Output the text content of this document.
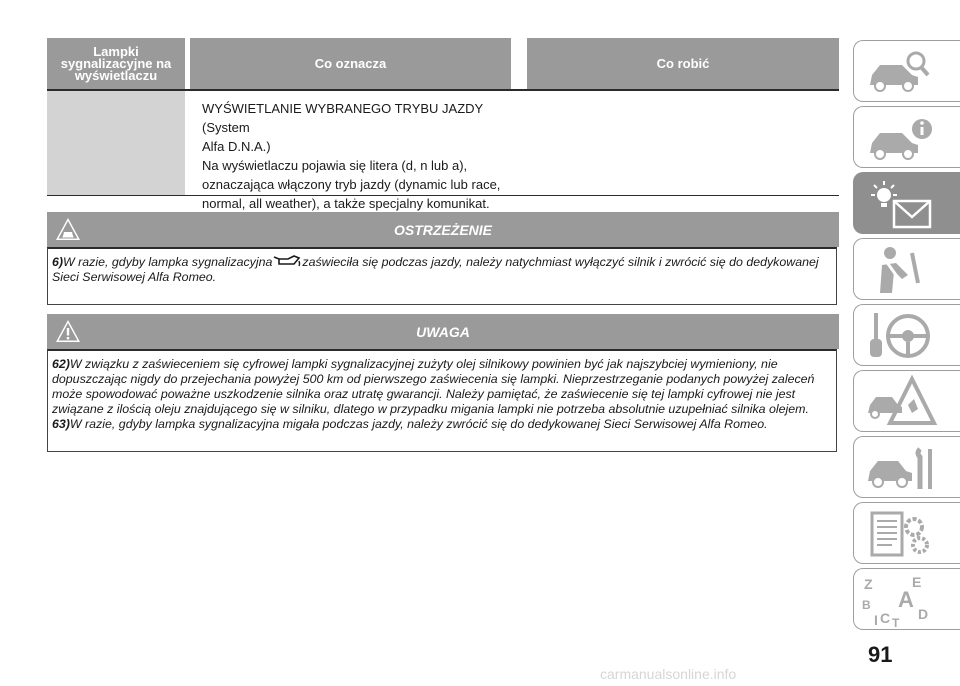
Lampki sygnalizacyjne na wyświetlaczu
Co oznacza	Co robić
WYŚWIETLANIE WYBRANEGO TRYBU JAZDY (System
Alfa D.N.A.)
Na wyświetlaczu pojawia się litera (d, n lub a),
oznaczająca włączony tryb jazdy (dynamic lub race,
normal, all weather), a także specjalny komunikat.
OSTRZEŻENIE
6)W razie, gdyby lampka sygnalizacyjna zaświeciła się podczas jazdy, należy natychmiast wyłączyć silnik i zwrócić się do dedykowanej
Sieci Serwisowej Alfa Romeo.
UWAGA
62)W związku z zaświeceniem się cyfrowej lampki sygnalizacyjnej zużyty olej silnikowy powinien być jak najszybciej wymieniony, nie
dopuszczając nigdy do przejechania powyżej 500 km od pierwszego zaświecenia się lampki. Nieprzestrzeganie podanych powyżej zaleceń
może spowodować poważne uszkodzenie silnika oraz utratę gwarancji. Należy pamiętać, że zaświecenie się tej lampki cyfrowej nie jest
związane z ilością oleju znajdującego się w silniku, dlatego w przypadku migania lampki nie potrzeba absolutnie uzupełniać silnika olejem.
63)W razie, gdyby lampka sygnalizacyjna migała podczas jazdy, należy zwrócić się do dedykowanej Sieci Serwisowej Alfa Romeo.
Z	E
A
B
C D
T
I
91
carmanualsonline.info
